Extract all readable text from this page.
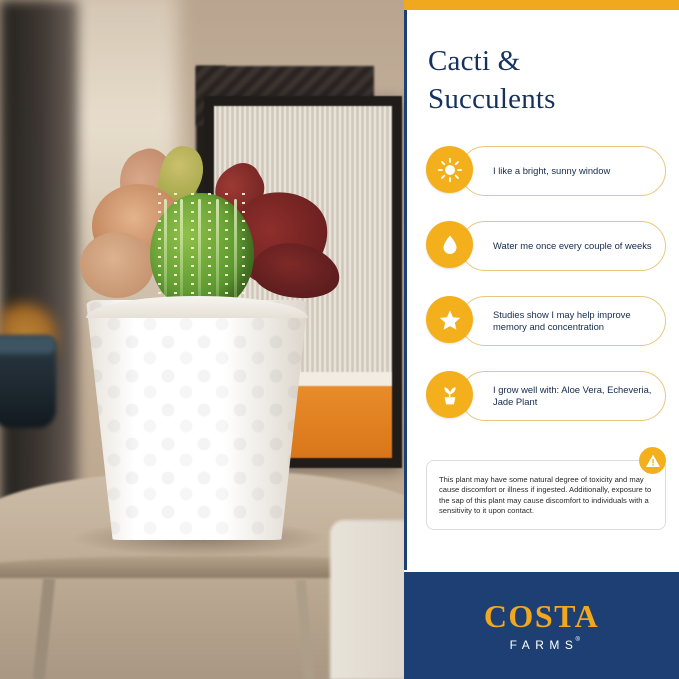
Cacti &
Succulents
I like a bright, sunny window
Water me once every couple of weeks
Studies show I may help improve memory and concentration
I grow well with: Aloe Vera, Echeveria, Jade Plant

This plant may have some natural degree of toxicity and may cause discomfort or illness if ingested. Additionally, exposure to the sap of this plant may cause discomfort to individuals with a sensitivity to it upon contact.

COSTA
FARMS
®
